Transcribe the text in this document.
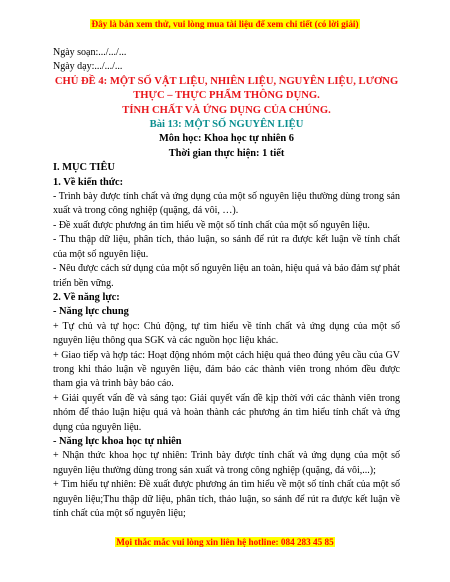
Đây là bản xem thử, vui lòng mua tài liệu để xem chi tiết (có lời giải)

Ngày soạn:.../.../...

Ngày dạy:.../.../...

CHỦ ĐỀ 4: MỘT SỐ VẬT LIỆU, NHIÊN LIỆU, NGUYÊN LIỆU, LƯƠNG

THỰC – THỰC PHẨM THÔNG DỤNG.

TÍNH CHẤT VÀ ỨNG DỤNG CỦA CHÚNG.

Bài 13: MỘT SỐ NGUYÊN LIỆU

Môn học: Khoa học tự nhiên 6

Thời gian thực hiện: 1 tiết

I. MỤC TIÊU

1. Về kiến thức:

- Trình bày được tính chất và ứng dụng của một số nguyên liệu thường dùng trong sản xuất và trong công nghiệp (quặng, đá vôi, …).

- Đề xuất được phương án tìm hiểu về một số tính chất của một số nguyên liệu.

- Thu thập dữ liệu, phân tích, thảo luận, so sánh để rút ra được kết luận về tính chất của một số nguyên liệu.

- Nêu được cách sử dụng của một số nguyên liệu an toàn, hiệu quả và bảo đảm sự phát triển bền vững.

2. Về năng lực:

- Năng lực chung

+ Tự chủ và tự học: Chủ động, tự tìm hiểu về tính chất và ứng dụng của một số nguyên liệu thông qua SGK và các nguồn học liệu khác.

+ Giao tiếp và hợp tác: Hoạt động nhóm một cách hiệu quả theo đúng yêu cầu của GV trong khi thảo luận về nguyên liệu, đảm bảo các thành viên trong nhóm đều được tham gia và trình bày báo cáo.

+ Giải quyết vấn đề và sáng tạo: Giải quyết vấn đề kịp thời với các thành viên trong nhóm để thảo luận hiệu quả và hoàn thành các phương án tìm hiểu tính chất và ứng dụng của nguyên liệu.

- Năng lực khoa học tự nhiên

+ Nhận thức khoa học tự nhiên: Trình bày được tính chất và ứng dụng của một số nguyên liệu thường dùng trong sản xuất và trong công nghiệp (quặng, đá vôi,...);

+ Tìm hiểu tự nhiên: Đề xuất được phương án tìm hiểu về một số tính chất của một số nguyên liệu;Thu thập dữ liệu, phân tích, thảo luận, so sánh để rút ra được kết luận về tính chất của một số nguyên liệu;

Mọi thắc mắc vui lòng xin liên hệ hotline: 084 283 45 85
